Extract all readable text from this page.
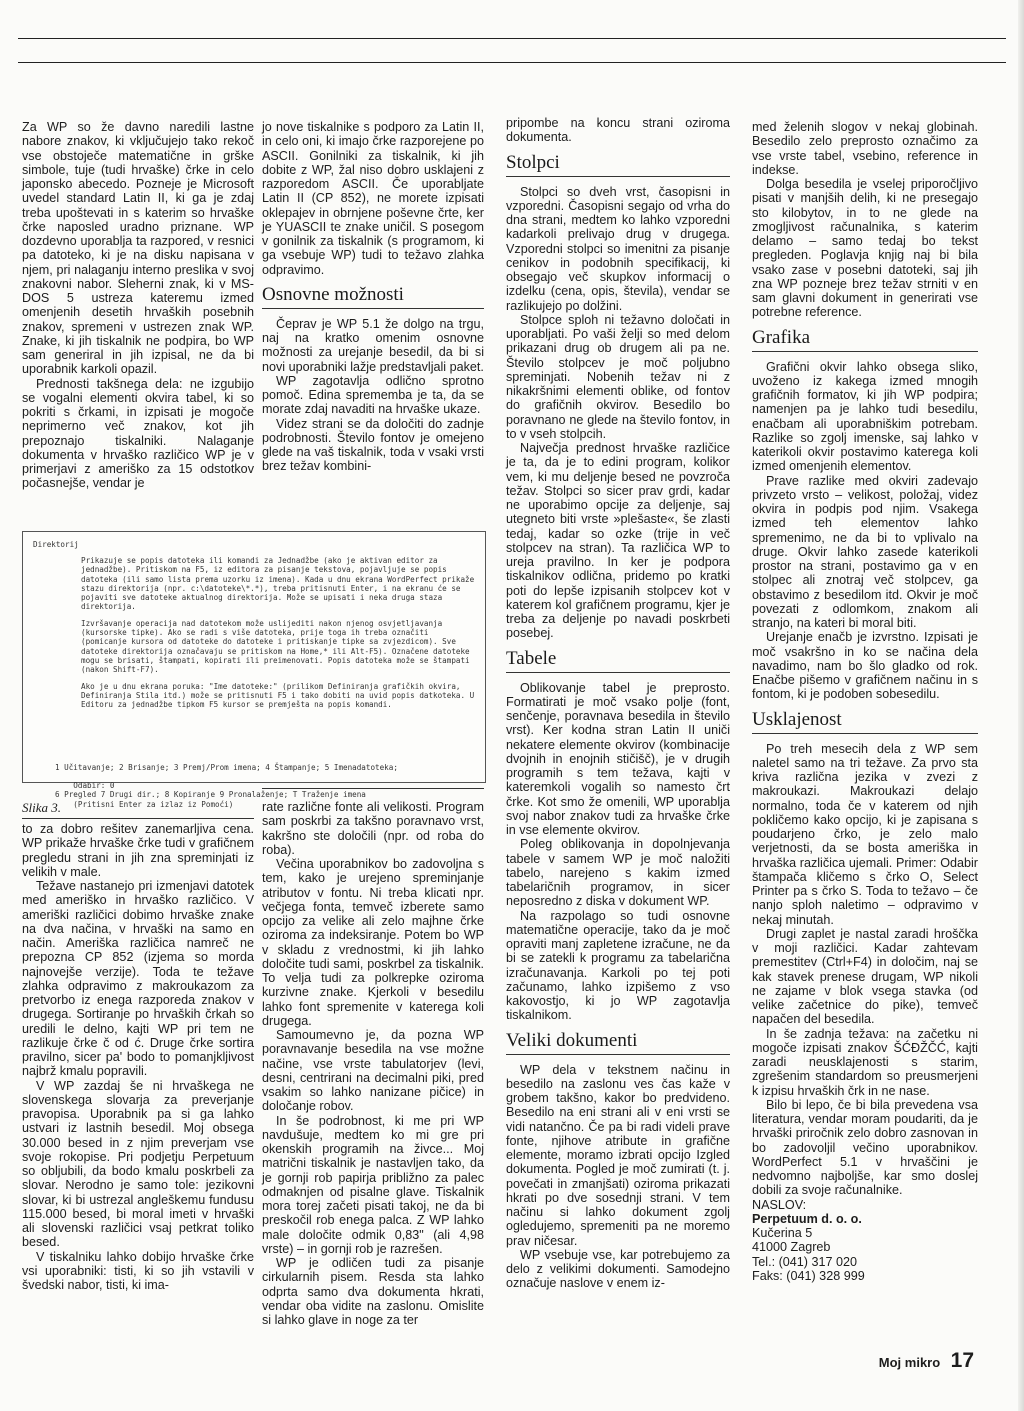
Za WP so že davno naredili lastne nabore znakov, ki vključujejo tako rekoč vse obstoječe matematične in grške simbole, tuje (tudi hrvaške) črke in celo japonsko abecedo. Pozneje je Microsoft uvedel standard Latin II, ki ga je zdaj treba upoštevati in s katerim so hrvaške črke naposled uradno priznane. WP dozdevno uporablja ta razpored, v resnici pa datoteko, ki je na disku napisana v njem, pri nalaganju interno preslika v svoj znakovni nabor. Sleherni znak, ki v MS-DOS 5 ustreza kateremu izmed omenjenih desetih hrvaških posebnih znakov, spremeni v ustrezen znak WP. Znake, ki jih tiskalnik ne podpira, bo WP sam generiral in jih izpisal, ne da bi uporabnik karkoli opazil.

Prednosti takšnega dela: ne izgubijo se vogalni elementi okvira tabel, ki so pokriti s črkami, in izpisati je mogoče neprimerno več znakov, kot jih prepoznajo tiskalniki. Nalaganje dokumenta v hrvaško različico WP je v primerjavi z ameriško za 15 odstotkov počasnejše, vendar je

jo nove tiskalnike s podporo za Latin II, in celo oni, ki imajo črke razporejene po ASCII. Gonilniki za tiskalnik, ki jih dobite z WP, žal niso dobro usklajeni z razporedom ASCII. Če uporabljate Latin II (CP 852), ne morete izpisati oklepajev in obrnjene poševne črte, ker je YUASCII te znake uničil. S posegom v gonilnik za tiskalnik (s programom, ki ga vsebuje WP) tudi to težavo zlahka odpravimo.

Osnovne možnosti

Čeprav je WP 5.1 že dolgo na trgu, naj na kratko omenim osnovne možnosti za urejanje besedil, da bi si novi uporabniki lažje predstavljali paket.

WP zagotavlja odlično sprotno pomoč. Edina sprememba je ta, da se morate zdaj navaditi na hrvaške ukaze.

Videz strani se da določiti do zadnje podrobnosti. Število fontov je omejeno glede na vaš tiskalnik, toda v vsaki vrsti brez težav kombini-

Direktorij

Prikazuje se popis datoteka ili komandi za Jednadžbe (ako je aktivan editor za jednadžbe). Pritiskom na F5, iz editora za pisanje tekstova, pojavljuje se popis datoteka (ili samo lista prema uzorku iz imena). Kada u dnu ekrana WordPerfect prikaže stazu direktorija (npr. c:\datoteke\*.*), treba pritisnuti Enter, i na ekranu će se pojaviti sve datoteke aktualnog direktorija. Može se upisati i neka druga staza direktorija.

Izvršavanje operacija nad datotekom može uslijediti nakon njenog osvjetljavanja (kursorske tipke). Ako se radi s više datoteka, prije toga ih treba označiti (pomicanje kursora od datoteke do datoteke i pritiskanje tipke sa zvjezdicom). Sve datoteke direktorija označavaju se pritiskom na Home,* ili Alt-F5). Označene datoteke mogu se brisati, štampati, kopirati ili preimenovati. Popis datoteka može se štampati (nakon Shift-F7).

Ako je u dnu ekrana poruka: "Ime datoteke:" (prilikom Definiranja grafičkih okvira, Definiranja Stila itd.) može se pritisnuti F5 i tako dobiti na uvid popis datkoteka. U Editoru za jednadžbe tipkom F5 kursor se premješta na popis komandi.

1 Učitavanje; 2 Brisanje; 3 Premj/Prom imena; 4 Štampanje; 5 Imenadatoteka;

6 Pregled 7 Drugi dir.; 8 Kopiranje 9 Pronalaženje; T Traženje imena

Odabir: 0

(Pritisni Enter za izlaz iz Pomoći)

Slika 3.

to za dobro rešitev zanemarljiva cena. WP prikaže hrvaške črke tudi v grafičnem pregledu strani in jih zna spreminjati iz velikih v male.

Težave nastanejo pri izmenjavi datotek med ameriško in hrvaško različico. V ameriški različici dobimo hrvaške znake na dva načina, v hrvaški na samo en način. Ameriška različica namreč ne prepozna CP 852 (izjema so morda najnovejše verzije). Toda te težave zlahka odpravimo z makroukazom za pretvorbo iz enega razporeda znakov v drugega. Sortiranje po hrvaških črkah so uredili le delno, kajti WP pri tem ne razlikuje črke č od ć. Druge črke sortira pravilno, sicer pa' bodo to pomanjkljivost najbrž kmalu popravili.

V WP zazdaj še ni hrvaškega ne slovenskega slovarja za preverjanje pravopisa. Uporabnik pa si ga lahko ustvari iz lastnih besedil. Moj obsega 30.000 besed in z njim preverjam vse svoje rokopise. Pri podjetju Perpetuum so obljubili, da bodo kmalu poskrbeli za slovar. Nerodno je samo tole: jezikovni slovar, ki bi ustrezal angleškemu fundusu 115.000 besed, bi moral imeti v hrvaški ali slovenski različici vsaj petkrat toliko besed.

V tiskalniku lahko dobijo hrvaške črke vsi uporabniki: tisti, ki so jih vstavili v švedski nabor, tisti, ki ima-

rate različne fonte ali velikosti. Program sam poskrbi za takšno poravnavo vrst, kakršno ste določili (npr. od roba do roba).

Večina uporabnikov bo zadovoljna s tem, kako je urejeno spreminjanje atributov v fontu. Ni treba klicati npr. večjega fonta, temveč izberete samo opcijo za velike ali zelo majhne črke oziroma za indeksiranje. Potem bo WP v skladu z vrednostmi, ki jih lahko določite tudi sami, poskrbel za tiskalnik. To velja tudi za polkrepke oziroma kurzivne znake. Kjerkoli v besedilu lahko font spremenite v katerega koli drugega.

Samoumevno je, da pozna WP poravnavanje besedila na vse možne načine, vse vrste tabulatorjev (levi, desni, centrirani na decimalni piki, pred vsakim so lahko nanizane pičice) in določanje robov.

In še podrobnost, ki me pri WP navdušuje, medtem ko mi gre pri okenskih programih na živce... Moj matrični tiskalnik je nastavljen tako, da je gornji rob papirja približno za palec odmaknjen od pisalne glave. Tiskalnik mora torej začeti pisati takoj, ne da bi preskočil rob enega palca. Z WP lahko male določite odmik 0,83" (ali 4,98 vrste) – in gornji rob je razrešen.

WP je odličen tudi za pisanje cirkularnih pisem. Resda sta lahko odprta samo dva dokumenta hkrati, vendar oba vidite na zaslonu. Omislite si lahko glave in noge za ter

pripombe na koncu strani oziroma dokumenta.

Stolpci

Stolpci so dveh vrst, časopisni in vzporedni. Časopisni segajo od vrha do dna strani, medtem ko lahko vzporedni kadarkoli prelivajo drug v drugega. Vzporedni stolpci so imenitni za pisanje cenikov in podobnih specifikacij, ki obsegajo več skupkov informacij o izdelku (cena, opis, števila), vendar se razlikujejo po dolžini.

Stolpce sploh ni težavno določati in uporabljati. Po vaši želji so med delom prikazani drug ob drugem ali pa ne. Število stolpcev je moč poljubno spreminjati. Nobenih težav ni z nikakršnimi elementi oblike, od fontov do grafičnih okvirov. Besedilo bo poravnano ne glede na število fontov, in to v vseh stolpcih.

Največja prednost hrvaške različice je ta, da je to edini program, kolikor vem, ki mu deljenje besed ne povzroča težav. Stolpci so sicer prav grdi, kadar ne uporabimo opcije za deljenje, saj utegneto biti vrste »plešaste«, še zlasti tedaj, kadar so ozke (trije in več stolpcev na stran). Ta različica WP to ureja pravilno. In ker je podpora tiskalnikov odlična, pridemo po kratki poti do lepše izpisanih stolpcev kot v katerem kol grafičnem programu, kjer je treba za deljenje po navadi poskrbeti posebej.

Tabele

Oblikovanje tabel je preprosto. Formatirati je moč vsako polje (font, senčenje, poravnava besedila in število vrst). Ker kodna stran Latin II uniči nekatere elemente okvirov (kombinacije dvojnih in enojnih stičišč), je v drugih programih s tem težava, kajti v kateremkoli vogalih so namesto črt črke. Kot smo že omenili, WP uporablja svoj nabor znakov tudi za hrvaške črke in vse elemente okvirov.

Poleg oblikovanja in dopolnjevanja tabele v samem WP je moč naložiti tabelo, narejeno s kakim izmed tabelaričnih programov, in sicer neposredno z diska v dokument WP.

Na razpolago so tudi osnovne matematične operacije, tako da je moč opraviti manj zapletene izračune, ne da bi se zatekli k programu za tabelarična izračunavanja. Karkoli po tej poti začunamo, lahko izpišemo z vso kakovostjo, ki jo WP zagotavlja tiskalnikom.

Veliki dokumenti

WP dela v tekstnem načinu in besedilo na zaslonu ves čas kaže v grobem takšno, kakor bo predvideno. Besedilo na eni strani ali v eni vrsti se vidi natančno. Če pa bi radi videli prave fonte, njihove atribute in grafične elemente, moramo izbrati opcijo Izgled dokumenta. Pogled je moč zumirati (t. j. povečati in zmanjšati) oziroma prikazati hkrati po dve sosednji strani. V tem načinu si lahko dokument zgolj ogledujemo, spremeniti pa ne moremo prav ničesar.

WP vsebuje vse, kar potrebujemo za delo z velikimi dokumenti. Samodejno označuje naslove v enem iz-

med želenih slogov v nekaj globinah. Besedilo zelo preprosto označimo za vse vrste tabel, vsebino, reference in indekse.

Dolga besedila je vselej priporočljivo pisati v manjših delih, ki ne presegajo sto kilobytov, in to ne glede na zmogljivost računalnika, s katerim delamo – samo tedaj bo tekst pregleden. Poglavja knjig naj bi bila vsako zase v posebni datoteki, saj jih zna WP pozneje brez težav strniti v en sam glavni dokument in generirati vse potrebne reference.

Grafika

Grafični okvir lahko obsega sliko, uvoženo iz kakega izmed mnogih grafičnih formatov, ki jih WP podpira; namenjen pa je lahko tudi besedilu, enačbam ali uporabniškim potrebam. Razlike so zgolj imenske, saj lahko v katerikoli okvir postavimo katerega koli izmed omenjenih elementov.

Prave razlike med okviri zadevajo privzeto vrsto – velikost, položaj, videz okvira in podpis pod njim. Vsakega izmed teh elementov lahko spremenimo, ne da bi to vplivalo na druge. Okvir lahko zasede katerikoli prostor na strani, postavimo ga v en stolpec ali znotraj več stolpcev, ga obstavimo z besedilom itd. Okvir je moč povezati z odlomkom, znakom ali stranjo, na kateri bi moral biti.

Urejanje enačb je izvrstno. Izpisati je moč vsakršno in ko se načina dela navadimo, nam bo šlo gladko od rok. Enačbe pišemo v grafičnem načinu in s fontom, ki je podoben sobesedilu.

Usklajenost

Po treh mesecih dela z WP sem naletel samo na tri težave. Za prvo sta kriva različna jezika v zvezi z makroukazi. Makroukazi delajo normalno, toda če v katerem od njih pokličemo kako opcijo, ki je zapisana s poudarjeno črko, je zelo malo verjetnosti, da se bosta ameriška in hrvaška različica ujemali. Primer: Odabir štampača kličemo s črko O, Select Printer pa s črko S. Toda to težavo – če nanjo sploh naletimo – odpravimo v nekaj minutah.

Drugi zaplet je nastal zaradi hroščka v moji različici. Kadar zahtevam premestitev (Ctrl+F4) in določim, naj se kak stavek prenese drugam, WP nikoli ne zajame v blok vsega stavka (od velike začetnice do pike), temveč napačen del besedila.

In še zadnja težava: na začetku ni mogoče izpisati znakov ŠĆĐŽČĆ, kajti zaradi neusklajenosti s starim, zgrešenim standardom so preusmerjeni k izpisu hrvaških črk in ne nase.

Bilo bi lepo, če bi bila prevedena vsa literatura, vendar moram poudariti, da je hrvaški priročnik zelo dobro zasnovan in bo zadovoljil večino uporabnikov. WordPerfect 5.1 v hrvaščini je nedvomno najboljše, kar smo doslej dobili za svoje računalnike.

NASLOV:
Perpetuum d. o. o.
Kučerina 5
41000 Zagreb
Tel.: (041) 317 020
Faks: (041) 328 999
Moj mikro 17
